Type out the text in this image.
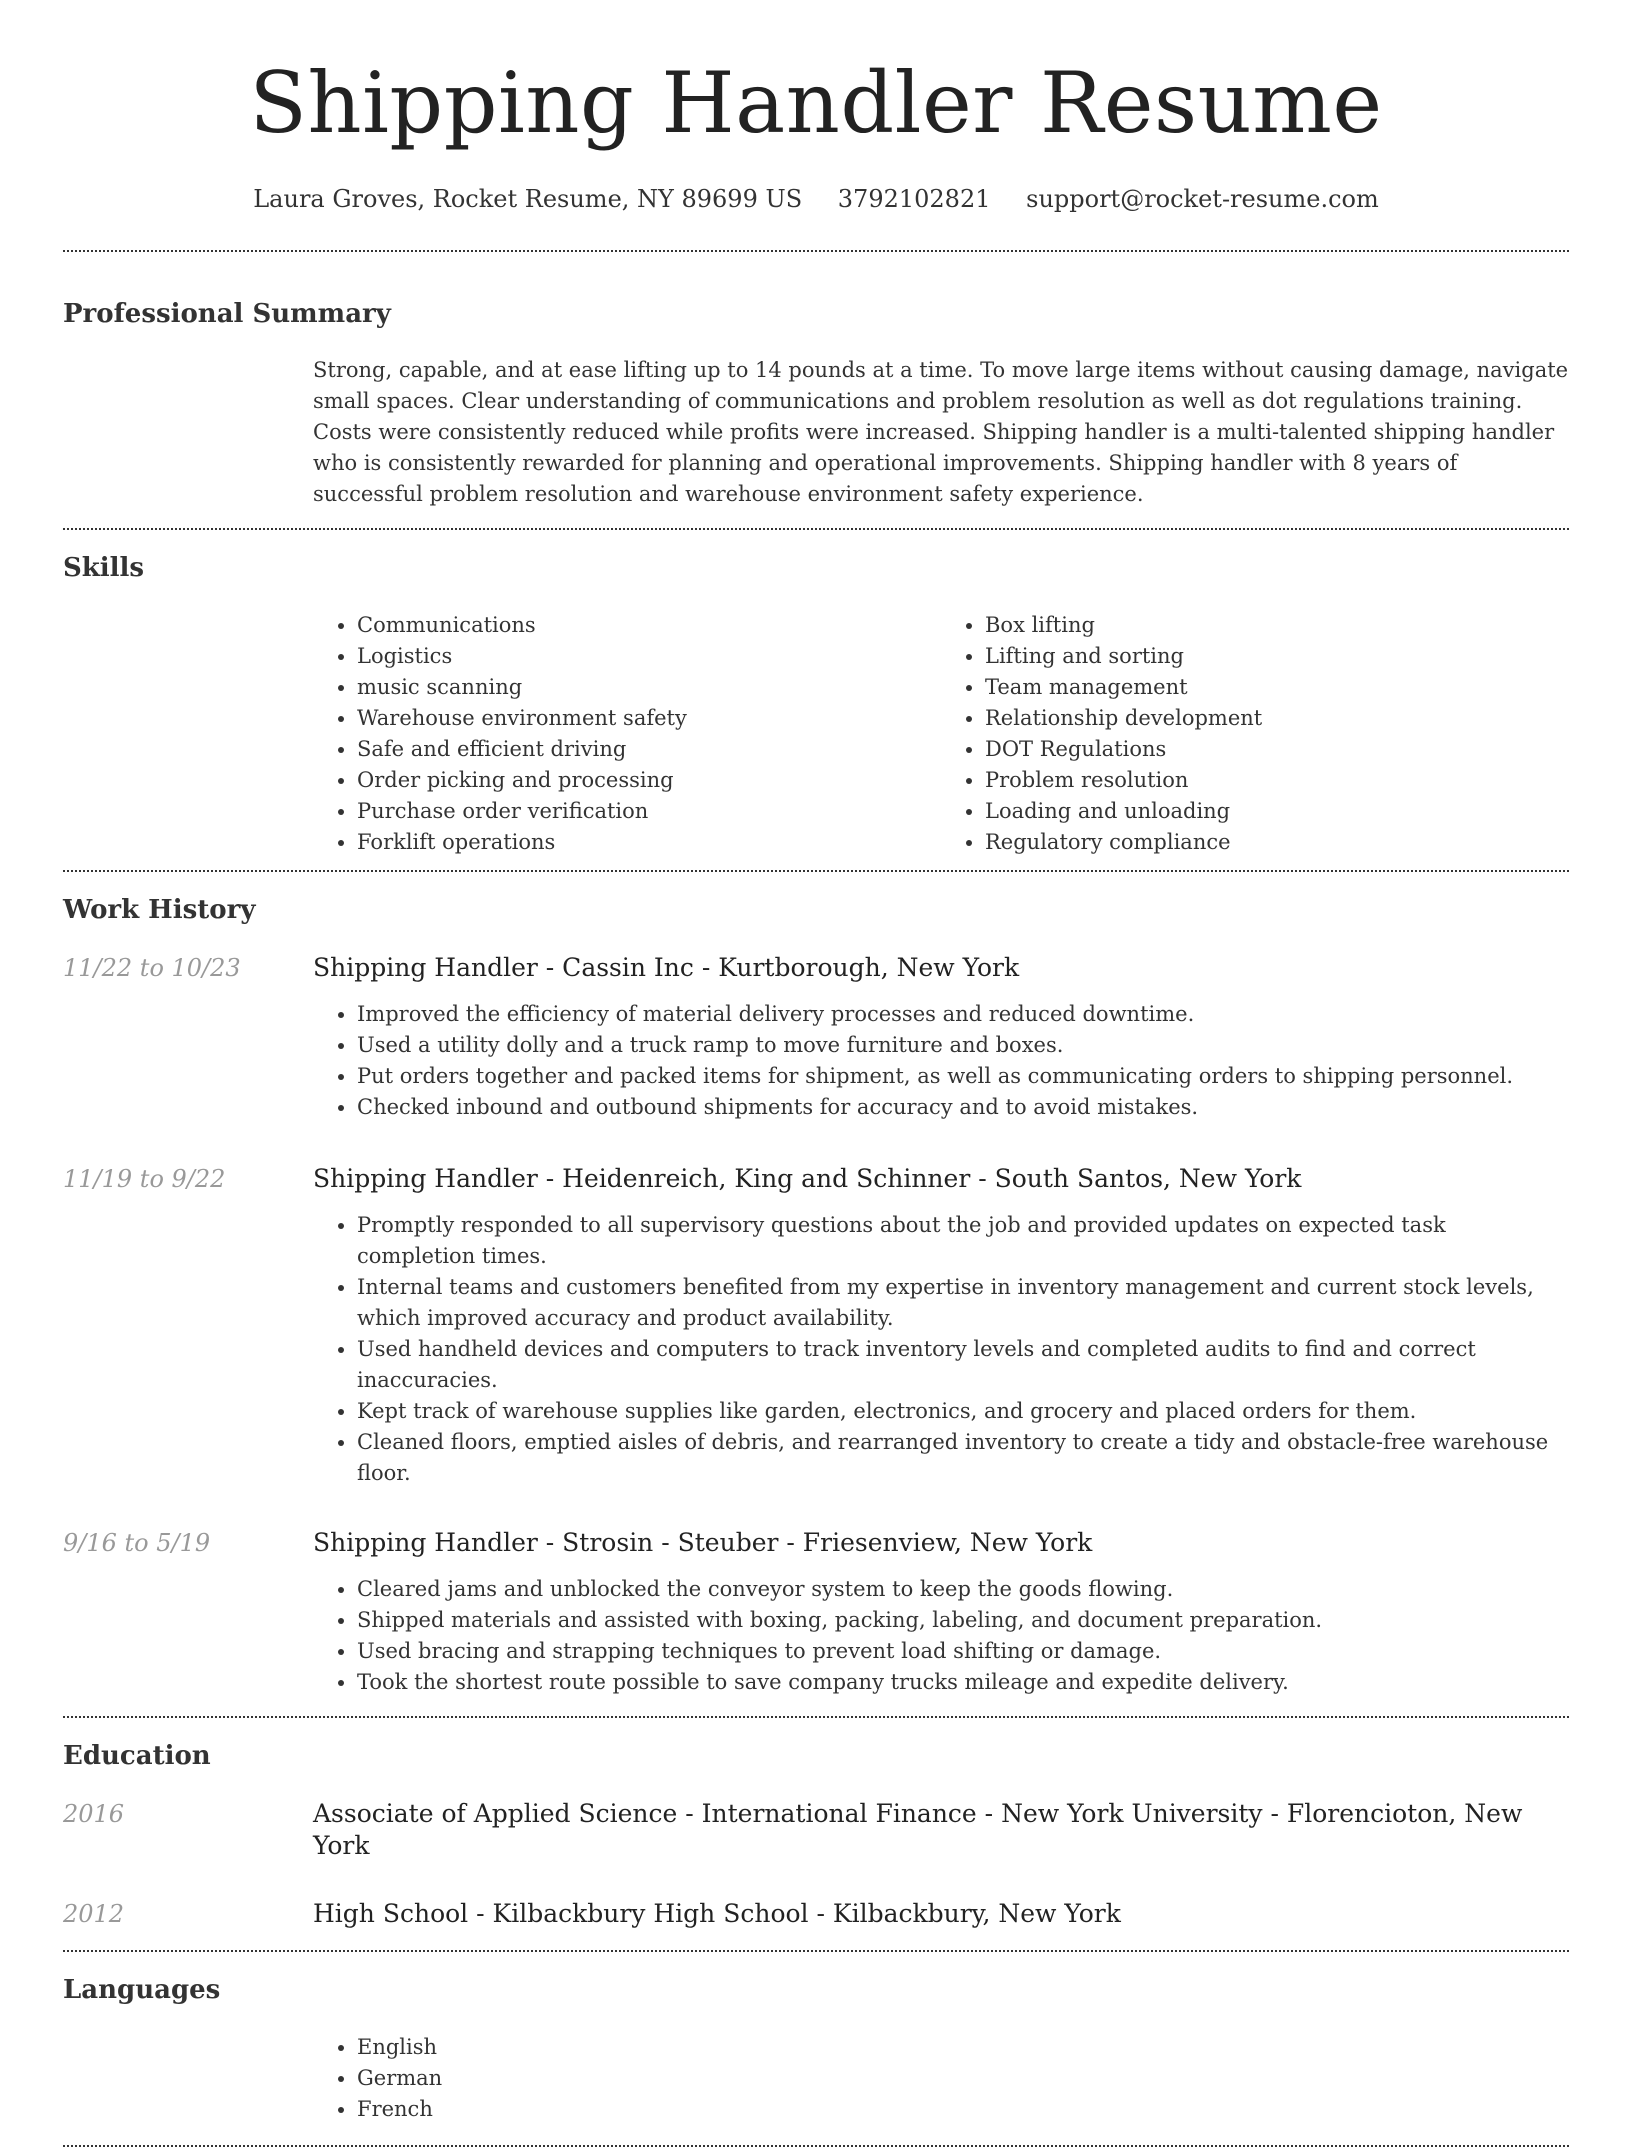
Shipping Handler Resume
Laura Groves, Rocket Resume, NY 89699 US 3792102821 support@rocket-resume.com
Professional Summary
Strong, capable, and at ease lifting up to 14 pounds at a time. To move large items without causing damage, navigate small spaces. Clear understanding of communications and problem resolution as well as dot regulations training. Costs were consistently reduced while profits were increased. Shipping handler is a multi-talented shipping handler who is consistently rewarded for planning and operational improvements. Shipping handler with 8 years of successful problem resolution and warehouse environment safety experience.
Skills
• Communications
• Logistics
• music scanning
• Warehouse environment safety
• Safe and efficient driving
• Order picking and processing
• Purchase order verification
• Forklift operations
• Box lifting
• Lifting and sorting
• Team management
• Relationship development
• DOT Regulations
• Problem resolution
• Loading and unloading
• Regulatory compliance
Work History
11/22 to 10/23	Shipping Handler - Cassin Inc - Kurtborough, New York
• Improved the efficiency of material delivery processes and reduced downtime.
• Used a utility dolly and a truck ramp to move furniture and boxes.
• Put orders together and packed items for shipment, as well as communicating orders to shipping personnel.
• Checked inbound and outbound shipments for accuracy and to avoid mistakes.
11/19 to 9/22	Shipping Handler - Heidenreich, King and Schinner - South Santos, New York
• Promptly responded to all supervisory questions about the job and provided updates on expected task completion times.
• Internal teams and customers benefited from my expertise in inventory management and current stock levels, which improved accuracy and product availability.
• Used handheld devices and computers to track inventory levels and completed audits to find and correct inaccuracies.
• Kept track of warehouse supplies like garden, electronics, and grocery and placed orders for them.
• Cleaned floors, emptied aisles of debris, and rearranged inventory to create a tidy and obstacle-free warehouse floor.
9/16 to 5/19	Shipping Handler - Strosin - Steuber - Friesenview, New York
• Cleared jams and unblocked the conveyor system to keep the goods flowing.
• Shipped materials and assisted with boxing, packing, labeling, and document preparation.
• Used bracing and strapping techniques to prevent load shifting or damage.
• Took the shortest route possible to save company trucks mileage and expedite delivery.
Education
2016	Associate of Applied Science - International Finance - New York University - Florencioton, New York
2012	High School - Kilbackbury High School - Kilbackbury, New York
Languages
• English
• German
• French
